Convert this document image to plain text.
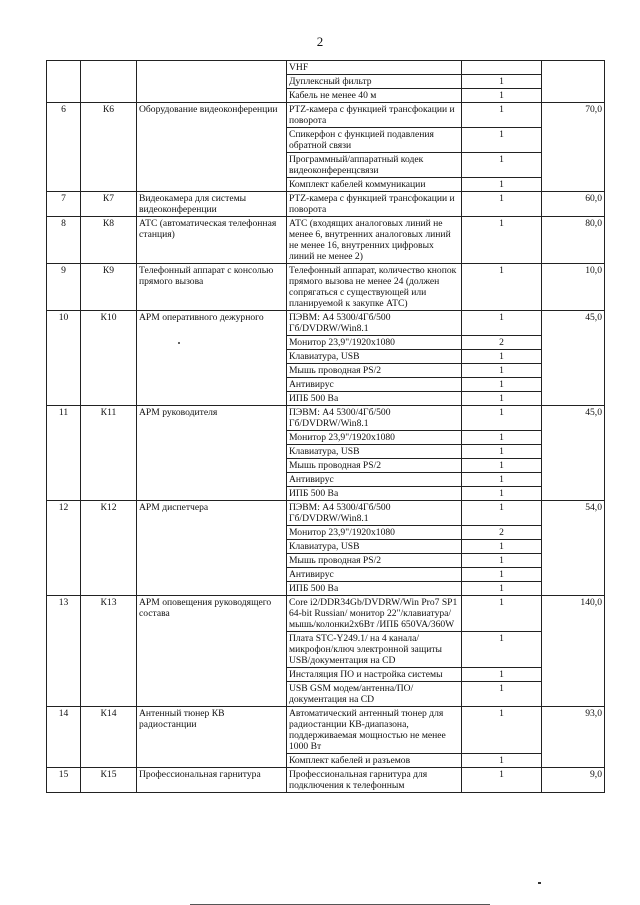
2
			VHF		
			Дуплексный фильтр	1	
			Кабель не менее 40 м	1	
6	К6	Оборудование видеоконференции	PTZ-камера с функцией трансфокации и поворота	1	70,0
			Спикерфон с функцией подавления обратной связи	1	
			Программный/аппаратный кодек видеоконференцсвязи	1	
			Комплект кабелей коммуникации	1	
7	К7	Видеокамера для системы видеоконференции	PTZ-камера с функцией трансфокации и поворота	1	60,0
8	К8	АТС (автоматическая телефонная станция)	АТС (входящих аналоговых линий не менее 6, внутренних аналоговых линий не менее 16, внутренних цифровых линий не менее 2)	1	80,0
9	К9	Телефонный аппарат с консолью прямого вызова	Телефонный аппарат, количество кнопок прямого вызова не менее 24 (должен сопрягаться с существующей или планируемой к закупке АТС)	1	10,0
10	К10	АРМ оперативного дежурного	ПЭВМ: А4 5300/4Гб/500 Гб/DVDRW/Win8.1	1	45,0
			Монитор 23,9"/1920x1080	2	
			Клавиатура, USB	1	
			Мышь проводная PS/2	1	
			Антивирус	1	
			ИПБ 500 Ва	1	
11	К11	АРМ руководителя	ПЭВМ: А4 5300/4Гб/500 Гб/DVDRW/Win8.1	1	45,0
			Монитор 23,9"/1920x1080	1	
			Клавиатура, USB	1	
			Мышь проводная PS/2	1	
			Антивирус	1	
			ИПБ 500 Ва	1	
12	К12	АРМ диспетчера	ПЭВМ: А4 5300/4Гб/500 Гб/DVDRW/Win8.1	1	54,0
			Монитор 23,9"/1920x1080	2	
			Клавиатура, USB	1	
			Мышь проводная PS/2	1	
			Антивирус	1	
			ИПБ 500 Ва	1	
13	К13	АРМ оповещения руководящего состава	Core i2/DDR34Gb/DVDRW/Win Pro7 SP1 64-bit Russian/ монитор 22"/клавиатура/мышь/колонки2х6Вт /ИПБ 650VA/360W	1	140,0
			Плата STC-Y249.1/ на 4 канала/микрофон/ключ электронной защиты USB/документация на CD	1	
			Инсталяция ПО и настройка системы	1	
			USB GSM модем/антенна/ПО/документация на CD	1	
14	К14	Антенный тюнер КВ радиостанции	Автоматический антенный тюнер для радиостанции КВ-диапазона, поддерживаемая мощностью не менее 1000 Вт	1	93,0
			Комплект кабелей и разъемов	1	
15	К15	Профессиональная гарнитура	Профессиональная гарнитура для подключения к телефонным	1	9,0
